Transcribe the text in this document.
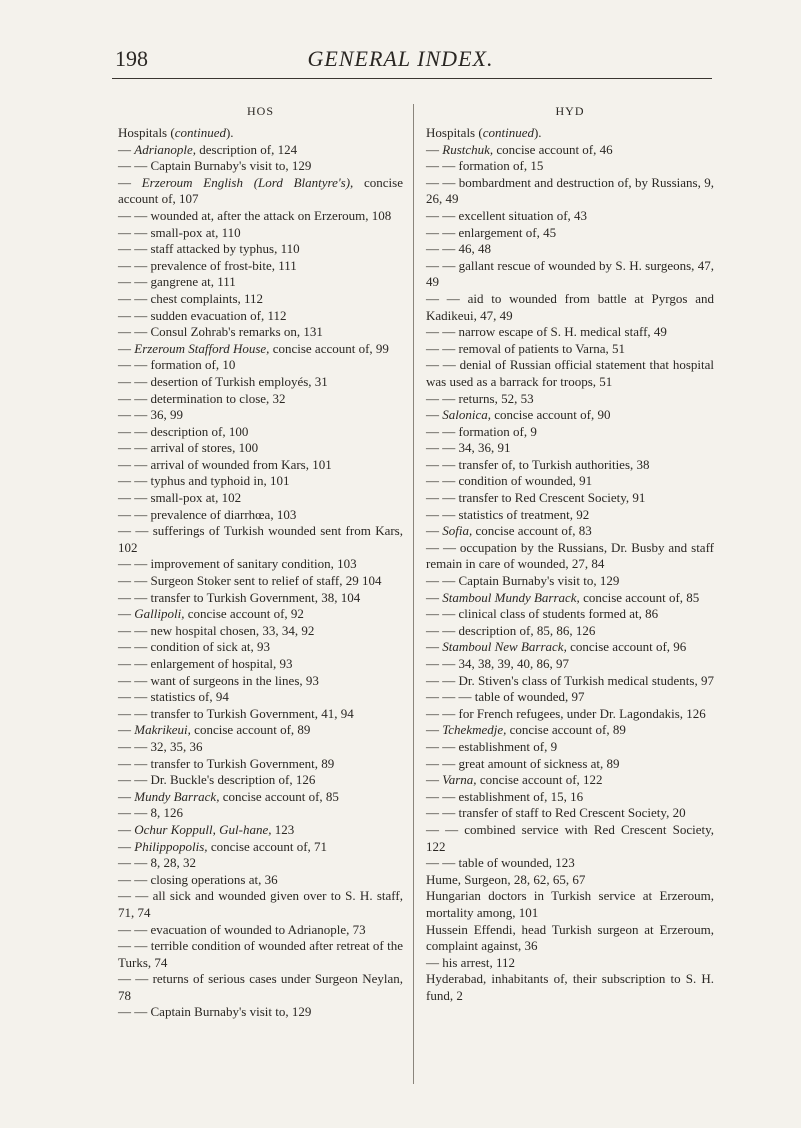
GENERAL INDEX.
198
HOS
Hospitals (continued).
— Adrianople, description of, 124
— — Captain Burnaby's visit to, 129
— Erzeroum English (Lord Blantyre's), concise account of, 107
— — wounded at, after the attack on Erzeroum, 108
— — small-pox at, 110
— — staff attacked by typhus, 110
— — prevalence of frost-bite, 111
— — gangrene at, 111
— — chest complaints, 112
— — sudden evacuation of, 112
— — Consul Zohrab's remarks on, 131
— Erzeroum Stafford House, concise account of, 99
— — formation of, 10
— — desertion of Turkish employés, 31
— — determination to close, 32
— — 36, 99
— — description of, 100
— — arrival of stores, 100
— — arrival of wounded from Kars, 101
— — typhus and typhoid in, 101
— — small-pox at, 102
— — prevalence of diarrhœa, 103
— — sufferings of Turkish wounded sent from Kars, 102
— — improvement of sanitary condition, 103
— — Surgeon Stoker sent to relief of staff, 29 104
— — transfer to Turkish Government, 38, 104
— Gallipoli, concise account of, 92
— — new hospital chosen, 33, 34, 92
— — condition of sick at, 93
— — enlargement of hospital, 93
— — want of surgeons in the lines, 93
— — statistics of, 94
— — transfer to Turkish Government, 41, 94
— Makrikeui, concise account of, 89
— — 32, 35, 36
— — transfer to Turkish Government, 89
— — Dr. Buckle's description of, 126
— Mundy Barrack, concise account of, 85
— — 8, 126
— Ochur Koppull, Gul-hane, 123
— Philippopolis, concise account of, 71
— — 8, 28, 32
— — closing operations at, 36
— — all sick and wounded given over to S. H. staff, 71, 74
— — evacuation of wounded to Adrianople, 73
— — terrible condition of wounded after retreat of the Turks, 74
— — returns of serious cases under Surgeon Neylan, 78
— — Captain Burnaby's visit to, 129
HYD
Hospitals (continued).
— Rustchuk, concise account of, 46
— — formation of, 15
— — bombardment and destruction of, by Russians, 9, 26, 49
— — excellent situation of, 43
— — enlargement of, 45
— — 46, 48
— — gallant rescue of wounded by S. H. surgeons, 47, 49
— — aid to wounded from battle at Pyrgos and Kadikeui, 47, 49
— — narrow escape of S. H. medical staff, 49
— — removal of patients to Varna, 51
— — denial of Russian official statement that hospital was used as a barrack for troops, 51
— — returns, 52, 53
— Salonica, concise account of, 90
— — formation of, 9
— — 34, 36, 91
— — transfer of, to Turkish authorities, 38
— — condition of wounded, 91
— — transfer to Red Crescent Society, 91
— — statistics of treatment, 92
— Sofia, concise account of, 83
— — occupation by the Russians, Dr. Busby and staff remain in care of wounded, 27, 84
— — Captain Burnaby's visit to, 129
— Stamboul Mundy Barrack, concise account of, 85
— — clinical class of students formed at, 86
— — description of, 85, 86, 126
— Stamboul New Barrack, concise account of, 96
— — 34, 38, 39, 40, 86, 97
— — Dr. Stiven's class of Turkish medical students, 97
— — — table of wounded, 97
— — for French refugees, under Dr. Lagondakis, 126
— Tchekmedje, concise account of, 89
— — establishment of, 9
— — great amount of sickness at, 89
— Varna, concise account of, 122
— — establishment of, 15, 16
— — transfer of staff to Red Crescent Society, 20
— — combined service with Red Crescent Society, 122
— — table of wounded, 123
Hume, Surgeon, 28, 62, 65, 67
Hungarian doctors in Turkish service at Erzeroum, mortality among, 101
Hussein Effendi, head Turkish surgeon at Erzeroum, complaint against, 36
— his arrest, 112
Hyderabad, inhabitants of, their subscription to S. H. fund, 2
